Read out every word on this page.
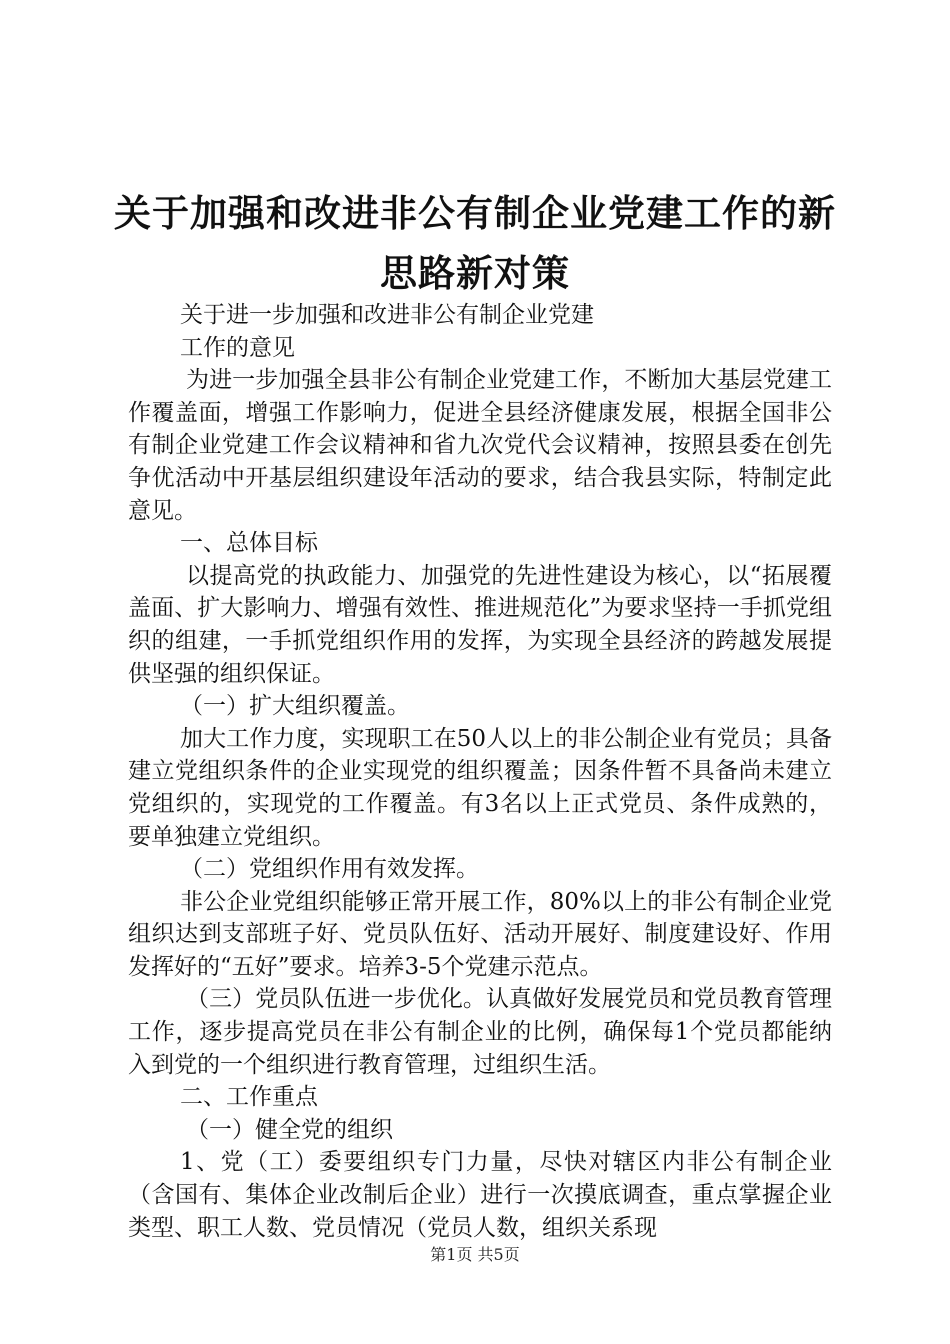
关于加强和改进非公有制企业党建工作的新思路新对策

关于进一步加强和改进非公有制企业党建

工作的意见

为进一步加强全县非公有制企业党建工作，不断加大基层党建工作覆盖面，增强工作影响力，促进全县经济健康发展，根据全国非公有制企业党建工作会议精神和省九次党代会议精神，按照县委在创先争优活动中开基层组织建设年活动的要求，结合我县实际，特制定此意见。

一、总体目标

以提高党的执政能力、加强党的先进性建设为核心，以“拓展覆盖面、扩大影响力、增强有效性、推进规范化”为要求坚持一手抓党组织的组建，一手抓党组织作用的发挥，为实现全县经济的跨越发展提供坚强的组织保证。

（一）扩大组织覆盖。

加大工作力度，实现职工在50人以上的非公制企业有党员；具备建立党组织条件的企业实现党的组织覆盖；因条件暂不具备尚未建立党组织的，实现党的工作覆盖。有3名以上正式党员、条件成熟的，要单独建立党组织。

（二）党组织作用有效发挥。

非公企业党组织能够正常开展工作，80%以上的非公有制企业党组织达到支部班子好、党员队伍好、活动开展好、制度建设好、作用发挥好的“五好”要求。培养3-5个党建示范点。

（三）党员队伍进一步优化。认真做好发展党员和党员教育管理工作，逐步提高党员在非公有制企业的比例，确保每1个党员都能纳入到党的一个组织进行教育管理，过组织生活。

二、工作重点

（一）健全党的组织

1、党（工）委要组织专门力量，尽快对辖区内非公有制企业（含国有、集体企业改制后企业）进行一次摸底调查，重点掌握企业类型、职工人数、党员情况（党员人数，组织关系现

第1页 共5页
